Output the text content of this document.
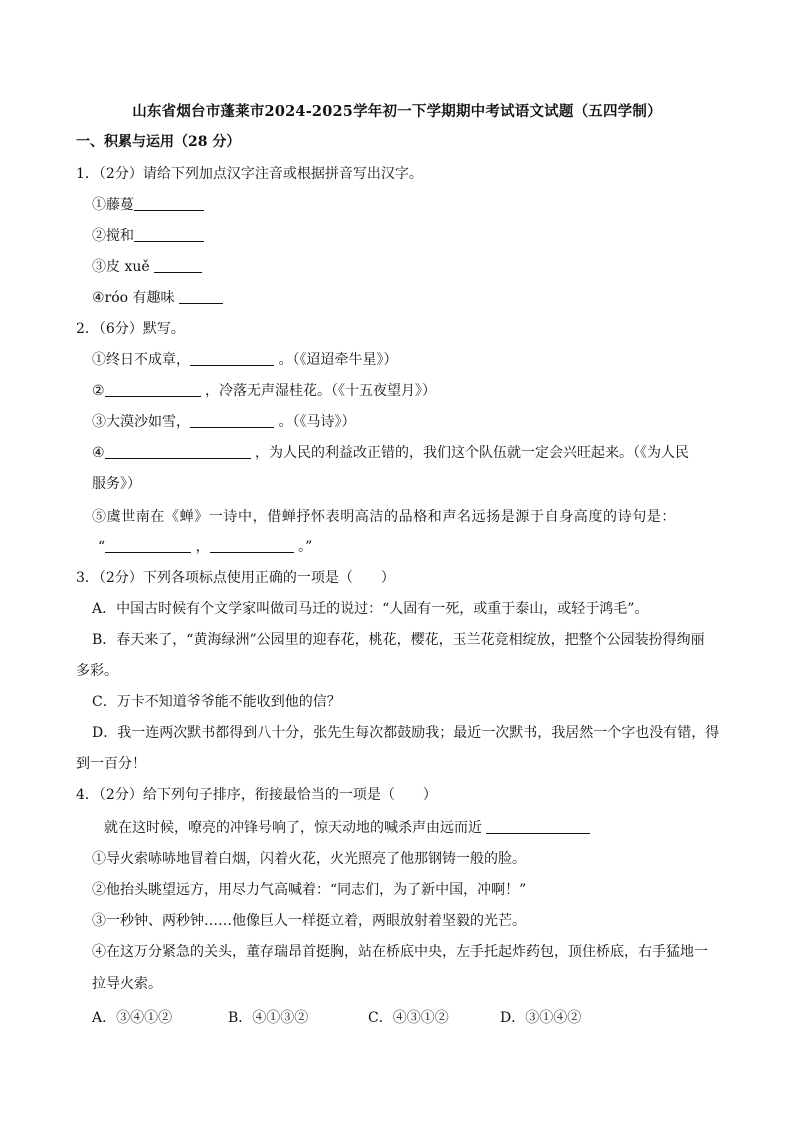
山东省烟台市蓬莱市2024-2025学年初一下学期期中考试语文试题（五四学制）
一、积累与运用（28 分）
1．（2分）请给下列加点汉字注音或根据拼音写出汉字。
①藤蔓
②搅和
③皮 xuě
④róo 有趣味
2．（6分）默写。
①终日不成章，	。（《迢迢牵牛星》）
②	，冷落无声湿桂花。（《十五夜望月》）
③大漠沙如雪，	。（《马诗》）
④	，为人民的利益改正错的，我们这个队伍就一定会兴旺起来。（《为人民
服务》）
⑤虞世南在《蝉》一诗中，借蝉抒怀表明高洁的品格和声名远扬是源于自身高度的诗句是：
“	，	。”
3．（2分）下列各项标点使用正确的一项是（　　）
A．中国古时候有个文学家叫做司马迁的说过：“人固有一死，或重于泰山，或轻于鸿毛”。
B．春天来了，“黄海绿洲”公园里的迎春花，桃花，樱花，玉兰花竞相绽放，把整个公园装扮得绚丽
多彩。
C．万卡不知道爷爷能不能收到他的信？
D．我一连两次默书都得到八十分，张先生每次都鼓励我；最近一次默书，我居然一个字也没有错，得
到一百分！
4．（2分）给下列句子排序，衔接最恰当的一项是（　　）
就在这时候，嘹亮的冲锋号响了，惊天动地的喊杀声由远而近
①导火索哧哧地冒着白烟，闪着火花，火光照亮了他那钢铸一般的脸。
②他抬头眺望远方，用尽力气高喊着：“同志们，为了新中国，冲啊！”
③一秒钟、两秒钟……他像巨人一样挺立着，两眼放射着坚毅的光芒。
④在这万分紧急的关头，董存瑞昂首挺胸，站在桥底中央，左手托起炸药包，顶住桥底，右手猛地一
拉导火索。
A．③④①②	B．④①③②	C．④③①②	D．③①④②
